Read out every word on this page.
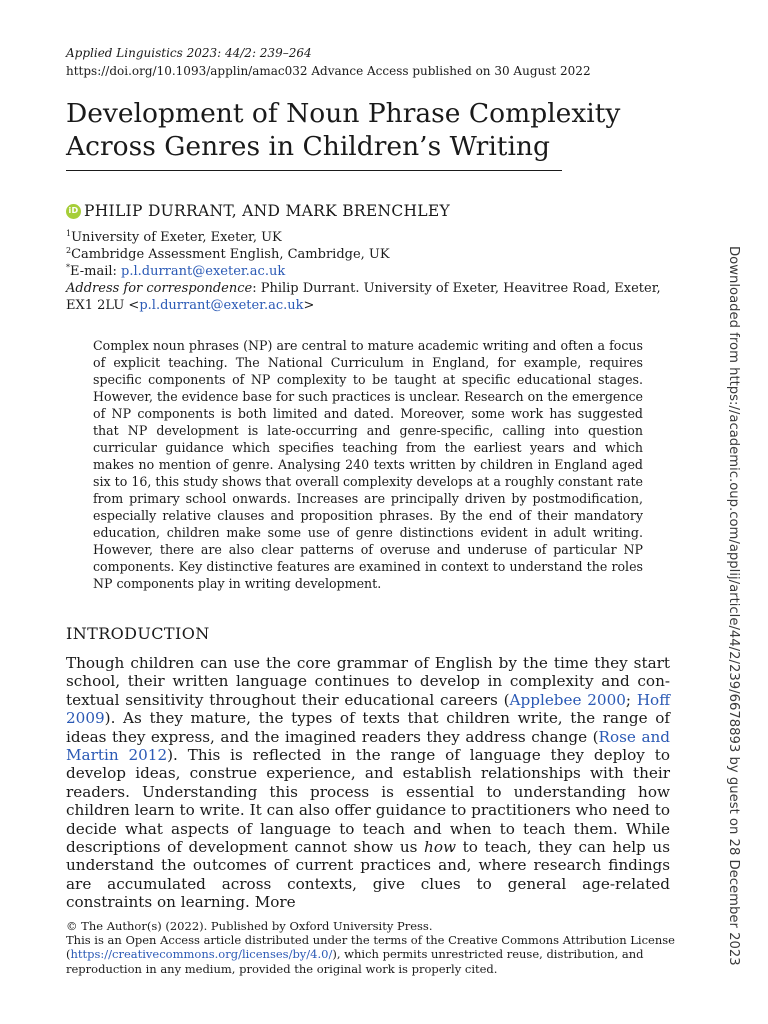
Applied Linguistics 2023: 44/2: 239–264
https://doi.org/10.1093/applin/amac032 Advance Access published on 30 August 2022
Development of Noun Phrase Complexity
Across Genres in Children’s Writing
iD PHILIP DURRANT, AND MARK BRENCHLEY
$^1$University of Exeter, Exeter, UK
$^2$Cambridge Assessment English, Cambridge, UK
*E-mail: p.l.durrant@exeter.ac.uk
Address for correspondence: Philip Durrant. University of Exeter, Heavitree Road, Exeter,
EX1 2LU <p.l.durrant@exeter.ac.uk>

Complex noun phrases (NP) are central to mature academic writing and often a focus of explicit teaching. The National Curriculum in England, for example, requires specific components of NP complexity to be taught at specific educational stages. However, the evidence base for such practices is unclear. Research on the emergence of NP components is both limited and dated. Moreover, some work has suggested that NP development is late-occurring and genre-specific, calling into question curricular guidance which specifies teaching from the earliest years and which makes no mention of genre. Analysing 240 texts written by children in England aged six to 16, this study shows that overall complexity develops at a roughly constant rate from primary school onwards. Increases are principally driven by postmodification, especially relative clauses and proposition phrases. By the end of their mandatory education, children make some use of genre distinctions evident in adult writing. However, there are also clear patterns of overuse and underuse of particular NP components. Key distinctive features are examined in context to understand the roles NP components play in writing development.

INTRODUCTION

Though children can use the core grammar of English by the time they start school, their written language continues to develop in complexity and contextual sensitivity throughout their educational careers (Applebee 2000; Hoff 2009). As they mature, the types of texts that children write, the range of ideas they express, and the imagined readers they address change (Rose and Martin 2012). This is reflected in the range of language they deploy to develop ideas, construe experience, and establish relationships with their readers. Understanding this process is essential to understanding how children learn to write. It can also offer guidance to practitioners who need to decide what aspects of language to teach and when to teach them. While descriptions of development cannot show us how to teach, they can help us understand the outcomes of current practices and, where research findings are accumulated across contexts, give clues to general age-related constraints on learning. More

© The Author(s) (2022). Published by Oxford University Press.
This is an Open Access article distributed under the terms of the Creative Commons Attribution License
(https://creativecommons.org/licenses/by/4.0/), which permits unrestricted reuse, distribution, and
reproduction in any medium, provided the original work is properly cited.
Downloaded from https://academic.oup.com/applij/article/44/2/239/6678893 by guest on 28 December 2023
